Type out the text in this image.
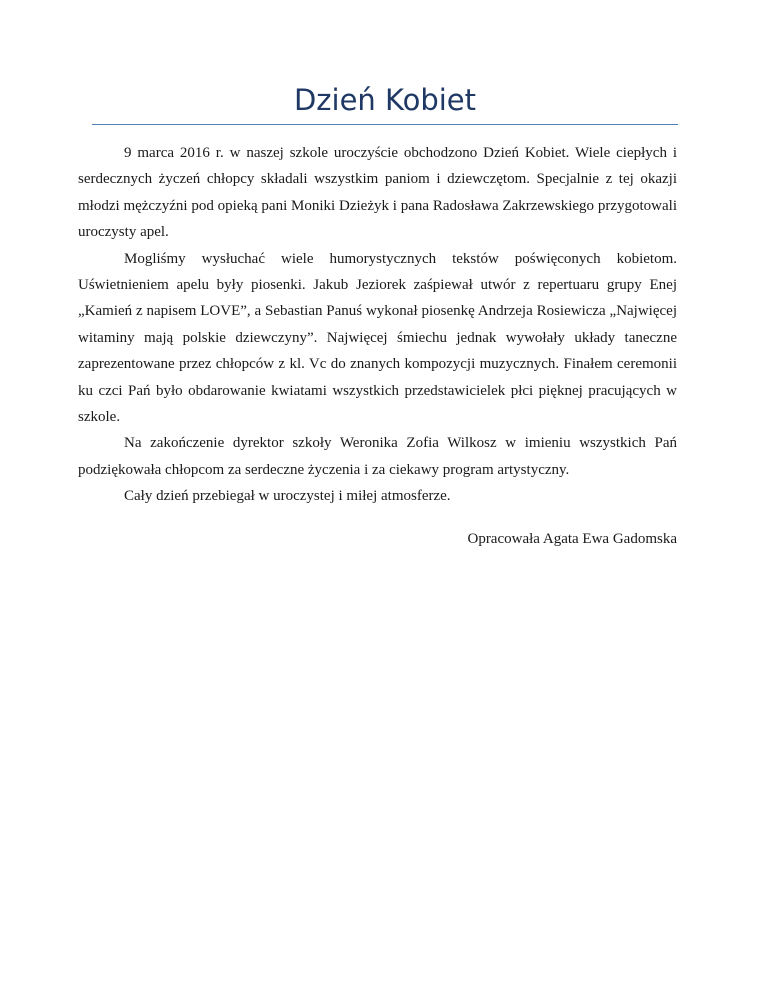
Dzień Kobiet

9 marca 2016 r. w naszej szkole uroczyście obchodzono Dzień Kobiet. Wiele ciepłych i serdecznych życzeń chłopcy składali wszystkim paniom i dziewczętom. Specjalnie z tej okazji młodzi mężczyźni pod opieką pani Moniki Dzieżyk i pana Radosława Zakrzewskiego przygotowali uroczysty apel.

Mogliśmy wysłuchać wiele humorystycznych tekstów poświęconych kobietom. Uświetnieniem apelu były piosenki. Jakub Jeziorek zaśpiewał utwór z repertuaru grupy Enej „Kamień z napisem LOVE”, a Sebastian Panuś wykonał piosenkę Andrzeja Rosiewicza „Najwięcej witaminy mają polskie dziewczyny”. Najwięcej śmiechu jednak wywołały układy taneczne zaprezentowane przez chłopców z kl. Vc do znanych kompozycji muzycznych. Finałem ceremonii ku czci Pań było obdarowanie kwiatami wszystkich przedstawicielek płci pięknej pracujących w szkole.

Na zakończenie dyrektor szkoły Weronika Zofia Wilkosz w imieniu wszystkich Pań podziękowała chłopcom za serdeczne życzenia i za ciekawy program artystyczny.

Cały dzień przebiegał w uroczystej i miłej atmosferze.

Opracowała Agata Ewa Gadomska
